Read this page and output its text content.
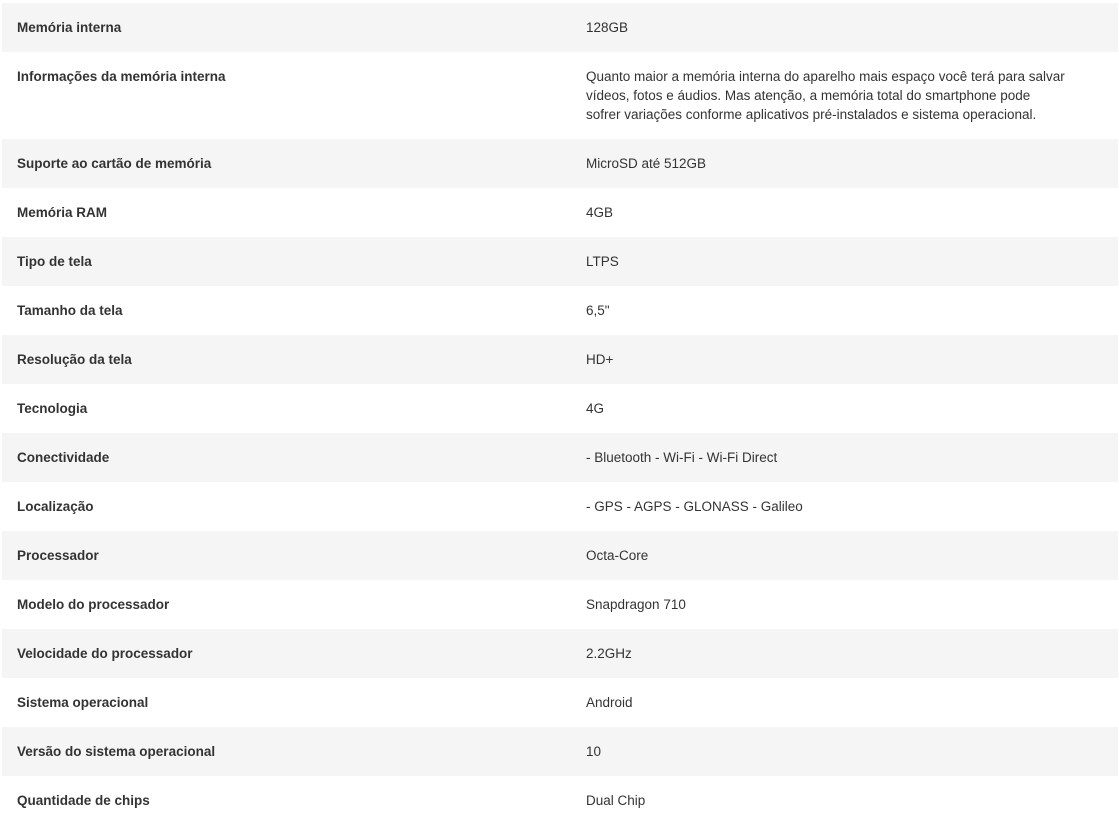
Memória interna	128GB
Informações da memória interna	Quanto maior a memória interna do aparelho mais espaço você terá para salvar vídeos, fotos e áudios. Mas atenção, a memória total do smartphone pode sofrer variações conforme aplicativos pré-instalados e sistema operacional.
Suporte ao cartão de memória	MicroSD até 512GB
Memória RAM	4GB
Tipo de tela	LTPS
Tamanho da tela	6,5"
Resolução da tela	HD+
Tecnologia	4G
Conectividade	- Bluetooth - Wi-Fi - Wi-Fi Direct
Localização	- GPS - AGPS - GLONASS - Galileo
Processador	Octa-Core
Modelo do processador	Snapdragon 710
Velocidade do processador	2.2GHz
Sistema operacional	Android
Versão do sistema operacional	10
Quantidade de chips	Dual Chip
